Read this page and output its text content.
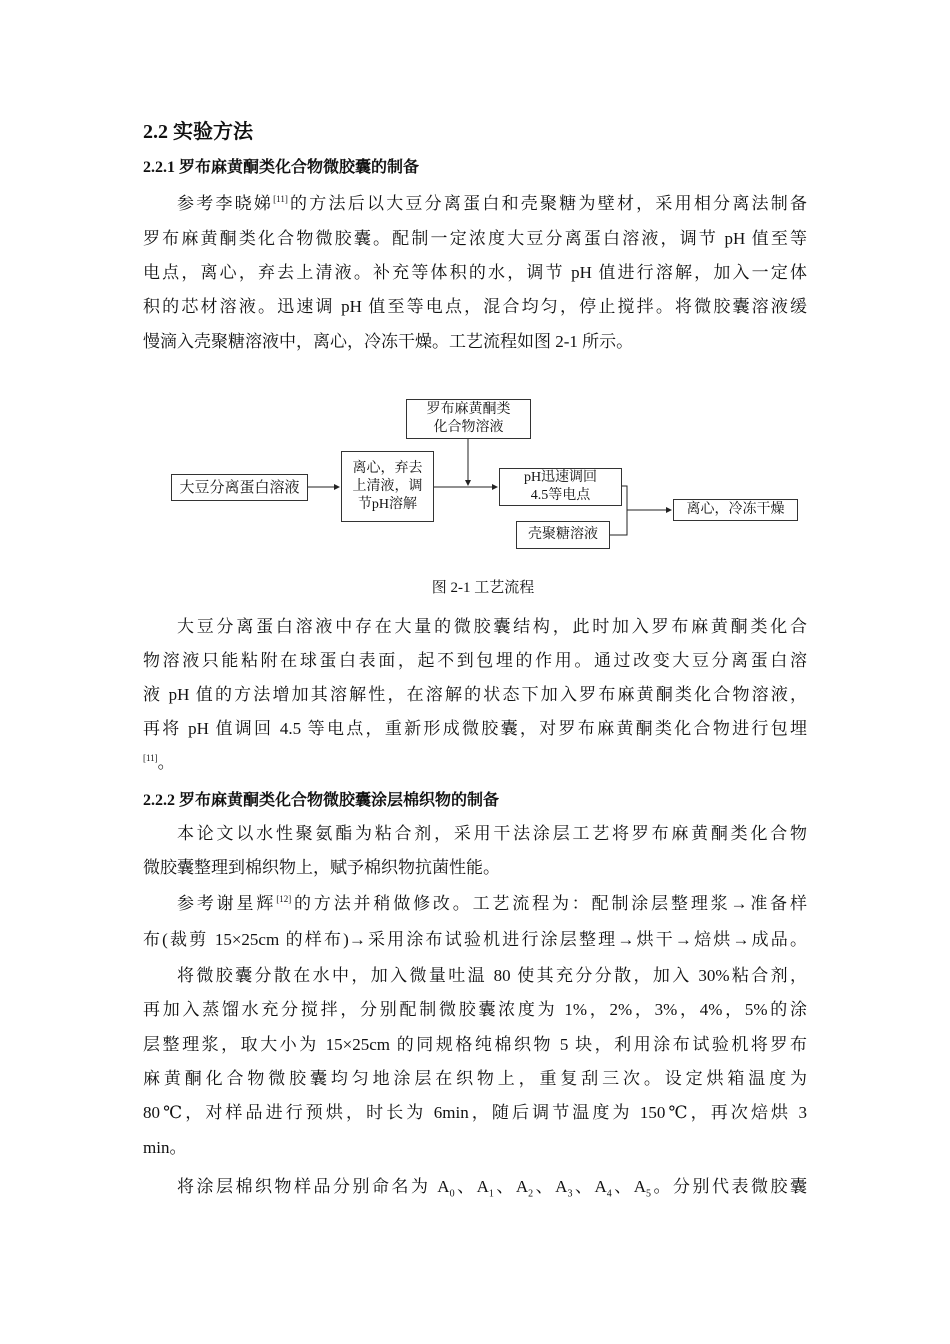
2.2 实验方法
2.2.1 罗布麻黄酮类化合物微胶囊的制备
参考李晓娣[11]的方法后以大豆分离蛋白和壳聚糖为壁材，采用相分离法制备
罗布麻黄酮类化合物微胶囊。配制一定浓度大豆分离蛋白溶液，调节 pH 值至等
电点，离心，弃去上清液。补充等体积的水，调节 pH 值进行溶解，加入一定体
积的芯材溶液。迅速调 pH 值至等电点，混合均匀，停止搅拌。将微胶囊溶液缓
慢滴入壳聚糖溶液中，离心，冷冻干燥。工艺流程如图 2-1 所示。
大豆分离蛋白溶液
离心，弃去上清液，调节pH溶解
罗布麻黄酮类化合物溶液
pH迅速调回4.5等电点
壳聚糖溶液
离心，冷冻干燥
图 2-1 工艺流程
大豆分离蛋白溶液中存在大量的微胶囊结构，此时加入罗布麻黄酮类化合
物溶液只能粘附在球蛋白表面，起不到包埋的作用。通过改变大豆分离蛋白溶
液 pH 值的方法增加其溶解性，在溶解的状态下加入罗布麻黄酮类化合物溶液，
再将 pH 值调回 4.5 等电点，重新形成微胶囊，对罗布麻黄酮类化合物进行包埋
[11]。
2.2.2 罗布麻黄酮类化合物微胶囊涂层棉织物的制备
本论文以水性聚氨酯为粘合剂，采用干法涂层工艺将罗布麻黄酮类化合物
微胶囊整理到棉织物上，赋予棉织物抗菌性能。
参考谢星辉[12]的方法并稍做修改。工艺流程为：配制涂层整理浆→准备样
布(裁剪 15×25cm 的样布)→采用涂布试验机进行涂层整理→烘干→焙烘→成品。
将微胶囊分散在水中，加入微量吐温 80 使其充分分散，加入 30%粘合剂，
再加入蒸馏水充分搅拌，分别配制微胶囊浓度为 1%，2%，3%，4%，5%的涂
层整理浆，取大小为 15×25cm 的同规格纯棉织物 5 块，利用涂布试验机将罗布
麻黄酮化合物微胶囊均匀地涂层在织物上，重复刮三次。设定烘箱温度为
80℃，对样品进行预烘，时长为 6min，随后调节温度为 150℃，再次焙烘 3
min。
将涂层棉织物样品分别命名为 $A_0$、$A_1$、$A_2$、$A_3$、$A_4$、$A_5$。分别代表微胶囊
